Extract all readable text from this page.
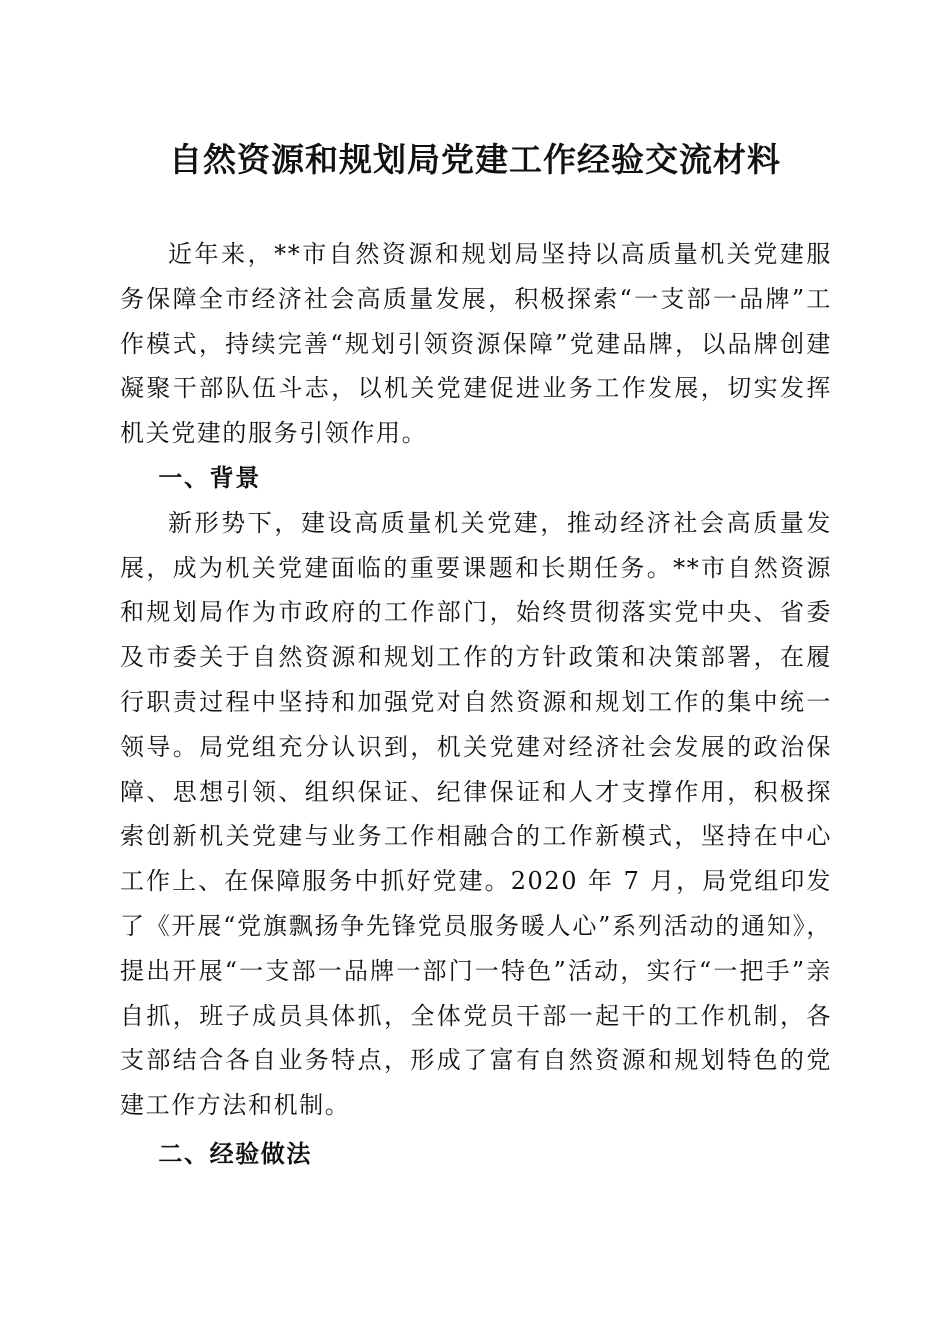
自然资源和规划局党建工作经验交流材料

近年来，**市自然资源和规划局坚持以高质量机关党建服务保障全市经济社会高质量发展，积极探索“一支部一品牌”工作模式，持续完善“规划引领资源保障”党建品牌，以品牌创建凝聚干部队伍斗志，以机关党建促进业务工作发展，切实发挥机关党建的服务引领作用。

一、背景

新形势下，建设高质量机关党建，推动经济社会高质量发展，成为机关党建面临的重要课题和长期任务。**市自然资源和规划局作为市政府的工作部门，始终贯彻落实党中央、省委及市委关于自然资源和规划工作的方针政策和决策部署，在履行职责过程中坚持和加强党对自然资源和规划工作的集中统一领导。局党组充分认识到，机关党建对经济社会发展的政治保障、思想引领、组织保证、纪律保证和人才支撑作用，积极探索创新机关党建与业务工作相融合的工作新模式，坚持在中心工作上、在保障服务中抓好党建。2020 年 7 月，局党组印发了《开展“党旗飘扬争先锋党员服务暖人心”系列活动的通知》，提出开展“一支部一品牌一部门一特色”活动，实行“一把手”亲自抓，班子成员具体抓，全体党员干部一起干的工作机制，各支部结合各自业务特点，形成了富有自然资源和规划特色的党建工作方法和机制。

二、经验做法
